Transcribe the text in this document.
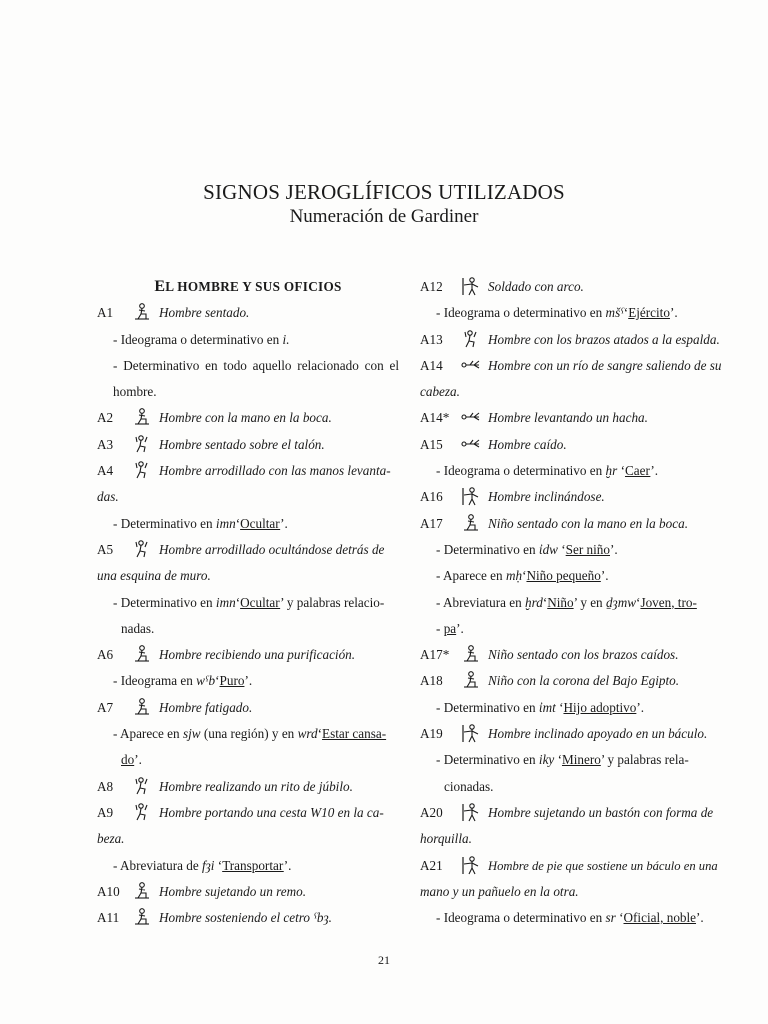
SIGNOS JEROGLÍFICOS UTILIZADOS
Numeración de Gardiner
EL HOMBRE Y SUS OFICIOS
A1	Hombre sentado.
- Ideograma o determinativo en i.
- Determinativo en todo aquello relacionado con el
hombre.
A2	Hombre con la mano en la boca.
A3	Hombre sentado sobre el talón.
A4	Hombre arrodillado con las manos levanta-
das.
- Determinativo en imn‘Ocultar’.
A5	Hombre arrodillado ocultándose detrás de
una esquina de muro.
- Determinativo en imn‘Ocultar’ y palabras relacio-
nadas.
A6	Hombre recibiendo una purificación.
- Ideograma en wˁb‘Puro’.
A7	Hombre fatigado.
- Aparece en sjw (una región) y en wrd‘Estar cansa-
do’.
A8	Hombre realizando un rito de júbilo.
A9	Hombre portando una cesta W10 en la ca-
beza.
- Abreviatura de fȝi ‘Transportar’.
A10	Hombre sujetando un remo.
A11	Hombre sosteniendo el cetro ˁbȝ.
A12	Soldado con arco.
- Ideograma o determinativo en mšˁ‘Ejército’.
A13	Hombre con los brazos atados a la espalda.
A14	Hombre con un río de sangre saliendo de su
cabeza.
A14*	Hombre levantando un hacha.
A15	Hombre caído.
- Ideograma o determinativo en ḫr ‘Caer’.
A16	Hombre inclinándose.
A17	Niño sentado con la mano en la boca.
- Determinativo en ἰdw ‘Ser niño’.
- Aparece en mḥ‘Niño pequeño’.
- Abreviatura en ḫrd‘Niño’ y en ḏȝmw‘Joven, tro-
- pa’.
A17*	Niño sentado con los brazos caídos.
A18	Niño con la corona del Bajo Egipto.
- Determinativo en ἰmt ‘Hijo adoptivo’.
A19	Hombre inclinado apoyado en un báculo.
- Determinativo en iky ‘Minero’ y palabras rela-
cionadas.
A20	Hombre sujetando un bastón con forma de
horquilla.
A21	Hombre de pie que sostiene un báculo en una
mano y un pañuelo en la otra.
- Ideograma o determinativo en sr ‘Oficial, noble’.
21
